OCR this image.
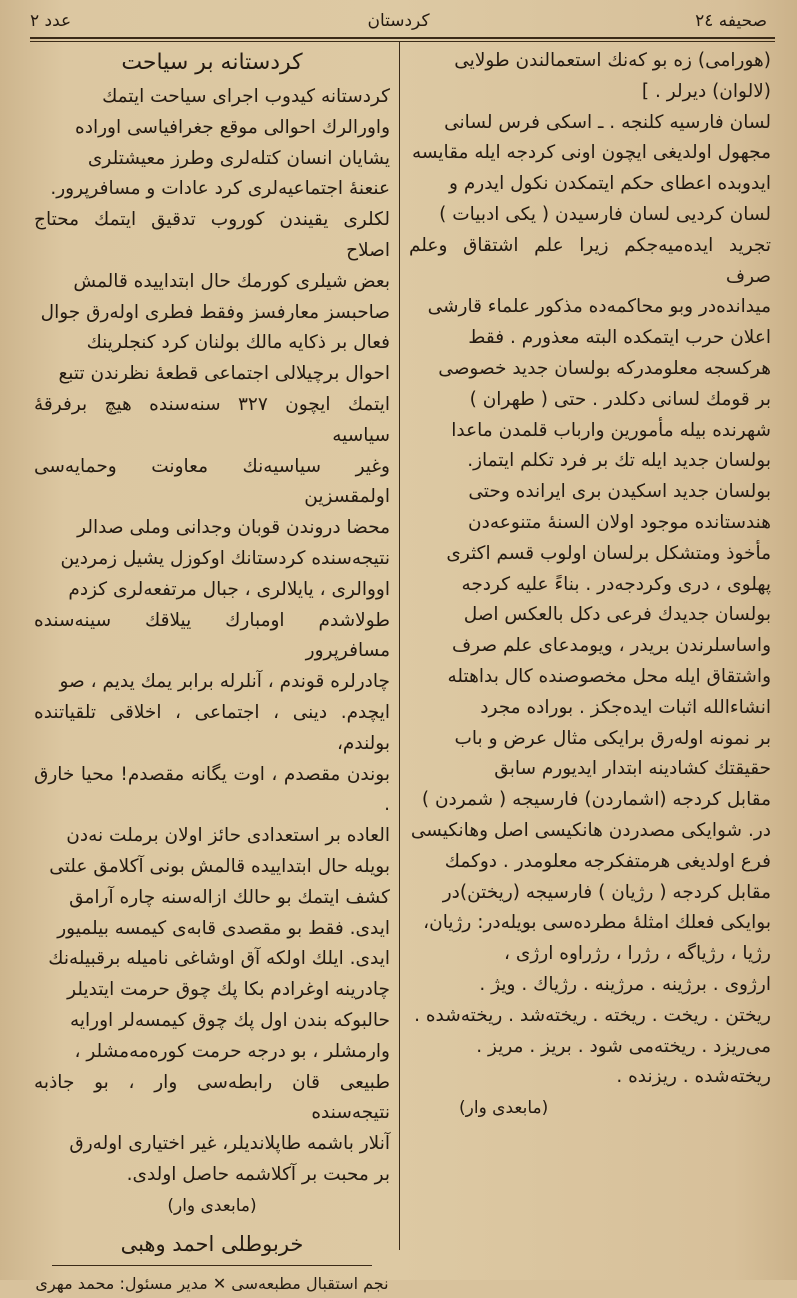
صحیفه ۲٤
کردستان
عدد ۲

(هورامی) زه بو که‌نك استعمالندن طولایی

(لالوان) دیرلر . ]

لسان فارسیه کلنجه . ـ اسکی فرس لسانی

مجهول اولدیغی ایچون اونی کردجه ایله مقایسه

ایدوبده اعطای حکم ایتمکدن نکول ایدرم و

لسان کردیی لسان فارسیدن ( یکی ادبیات )

تجرید ایده‌میه‌جکم زیرا علم اشتقاق وعلم صرف

میدانده‌در وبو محاکمه‌ده مذکور علماء قارشی

اعلان حرب ایتمکده البته معذورم . فقط

هرکسجه معلومدرکه بولسان جدید خصوصی

بر قومك لسانی دکلدر . حتی ( طهران )

شهرنده بیله مأمورین وارباب قلمدن ماعدا

بولسان جدید ایله تك بر فرد تکلم ایتماز.

بولسان جدید اسکیدن بری ایرانده وحتی

هندستانده موجود اولان السنهٔ متنوعه‌دن

مأخوذ ومتشکل برلسان اولوب قسم اکثری

پهلوی ، دری وکردجه‌در . بناءً علیه کردجه

بولسان جدیدك فرعی دکل بالعکس اصل

واساسلرندن بریدر ، ویومدعای علم صرف

واشتقاق ایله محل مخصوصنده کال بداهتله

انشاءالله اثبات ایده‌جکز . بوراده مجرد

بر نمونه اوله‌رق برایکی مثال عرض و باب

حقیقتك کشادینه ابتدار ایدیورم سابق

مقابل کردجه (اشماردن) فارسیجه ( شمردن )

در. شوایکی مصدردن هانکیسی اصل وهانکیسی

فرع اولدیغی هرمتفکرجه معلومدر . دوکمك

مقابل کردجه ( رژیان ) فارسیجه (ریختن)در

بوایکی فعلك امثلهٔ مطرده‌سی بویله‌در: رژیان،

رژیا ، رژیاگه ، رژرا ، رژراوه ارژی ،

ارژوی . برژینه . مرژینه . رژیاك . ویژ .

ریختن . ریخت . ریخته . ریخته‌شد . ریخته‌شده .

می‌ریزد . ریخته‌می شود . بریز . مریز .

ریخته‌شده . ریزنده .

(مابعدی وار)

کردستانه بر سیاحت

کردستانه کیدوب اجرای سیاحت ایتمك

واورالرك احوالی موقع جغرافیاسی اوراده

یشایان انسان کتله‌لری وطرز معیشتلری

عنعنهٔ اجتماعیه‌لری کرد عادات و مسافرپرور.

لکلری یقیندن کوروب تدقیق ایتمك محتاج اصلاح

بعض شیلری کورمك حال ابتداییده قالمش

صاحبسز معارفسز وفقط فطری اوله‌رق جوال

فعال بر ذکایه مالك بولنان کرد کنجلرینك

احوال برچیلالی اجتماعی قطعهٔ نظرندن تتبع

ایتمك ایچون ۳۲۷ سنه‌سنده هیچ برفرقهٔ سیاسیه

وغیر سیاسیه‌نك معاونت وحمایه‌سی اولمقسزین

محضا دروندن قوبان وجدانی وملی صدالر

نتیجه‌سنده کردستانك اوکوزل یشیل زمردین

اووالری ، یایلالری ، جبال مرتفعه‌لری کزدم

طولاشدم اومبارك ییلاقك سینه‌سنده مسافرپرور

چادرلره قوندم ، آنلرله برابر یمك یدیم ، صو

ایچدم. دینی ، اجتماعی ، اخلاقی تلقیاتنده بولندم،

بوندن مقصدم ، اوت یگانه مقصدم! محیا خارق .

العاده بر استعدادی حائز اولان برملت نه‌دن

بویله حال ابتداییده قالمش بونی آکلامق علتی

کشف ایتمك بو حالك ازاله‌سنه چاره آرامق

ایدی. فقط بو مقصدی قابه‌ی کیمسه بیلمیور

ایدی. ایلك اولکه آق اوشاغی نامیله برقبیله‌نك

چادرینه اوغرادم بکا پك چوق حرمت ایتدیلر

حالبوکه بندن اول پك چوق کیمسه‌لر اورایه

وارمشلر ، بو درجه حرمت کوره‌مه‌مشلر ،

طبیعی قان رابطه‌سی وار ، بو جاذبه نتیجه‌سنده

آنلار باشمه طاپلاندیلر، غیر اختیاری اوله‌رق

بر محبت بر آکلاشمه حاصل اولدی.

(مابعدی وار)

خربوطلی احمد وهبی
نجم استقبال مطبعه‌سی ✕ مدیر مسئول: محمد مهری
